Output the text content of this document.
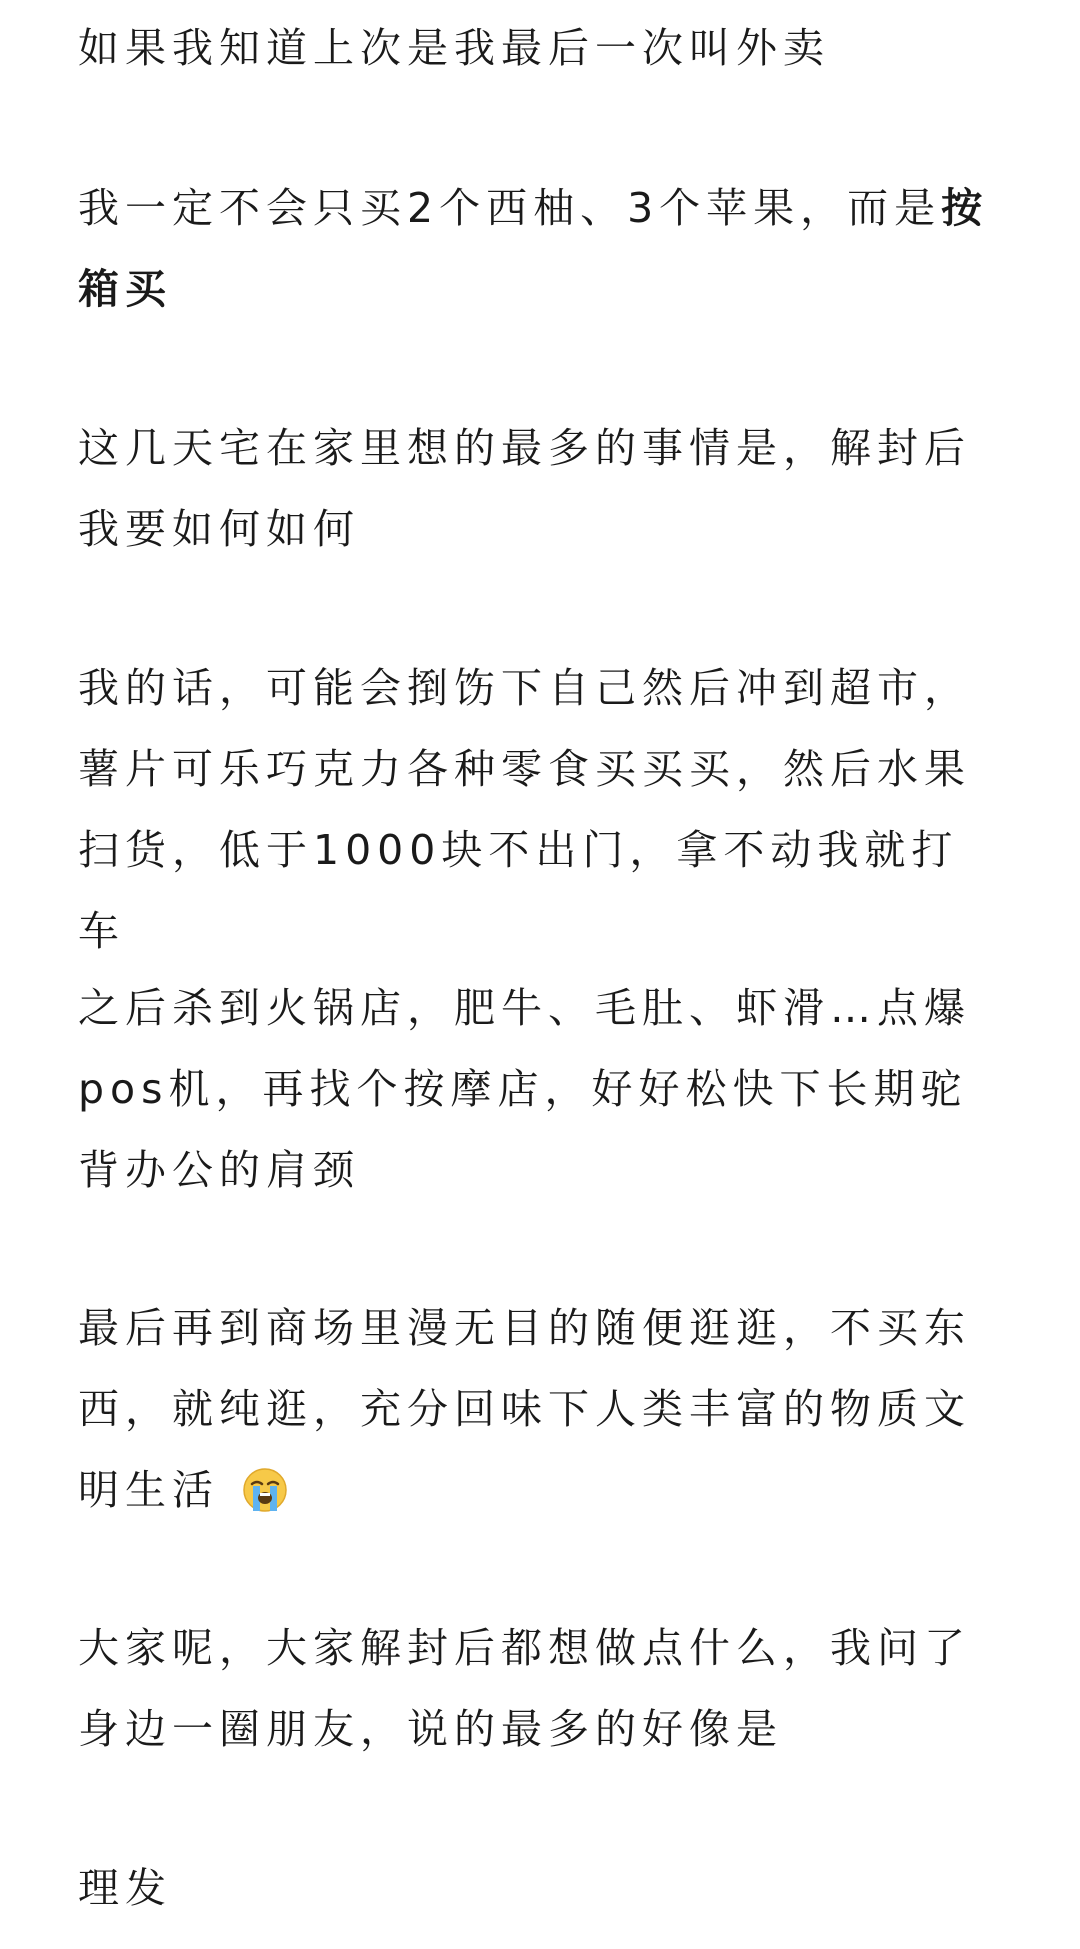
如果我知道上次是我最后一次叫外卖

我一定不会只买2个西柚、3个苹果，而是按箱买

这几天宅在家里想的最多的事情是，解封后我要如何如何

我的话，可能会捯饬下自己然后冲到超市，薯片可乐巧克力各种零食买买买，然后水果扫货，低于1000块不出门，拿不动我就打车

之后杀到火锅店，肥牛、毛肚、虾滑…点爆pos机，再找个按摩店，好好松快下长期驼背办公的肩颈

最后再到商场里漫无目的随便逛逛，不买东西，就纯逛，充分回味下人类丰富的物质文明生活

大家呢，大家解封后都想做点什么，我问了身边一圈朋友，说的最多的好像是

理发
